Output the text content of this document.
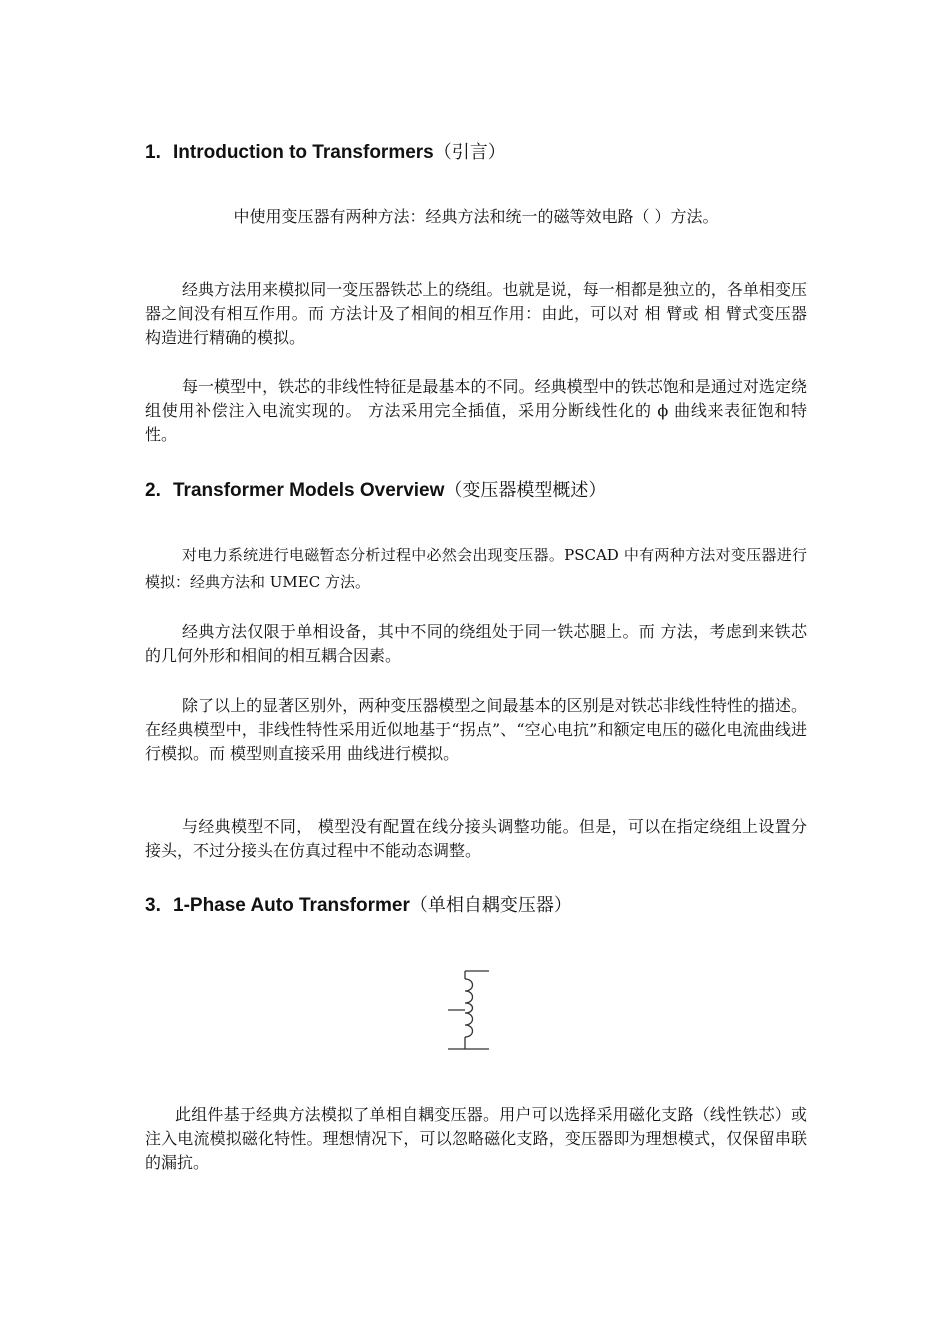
1. Introduction to Transformers（引言）

中使用变压器有两种方法：经典方法和统一的磁等效电路（ ）方法。

经典方法用来模拟同一变压器铁芯上的绕组。也就是说，每一相都是独立的，各单相变压器之间没有相互作用。而 方法计及了相间的相互作用：由此，可以对 相 臂或 相 臂式变压器构造进行精确的模拟。

每一模型中，铁芯的非线性特征是最基本的不同。经典模型中的铁芯饱和是通过对选定绕组使用补偿注入电流实现的。 方法采用完全插值，采用分断线性化的 ϕ 曲线来表征饱和特性。

2. Transformer Models Overview（变压器模型概述）

对电力系统进行电磁暂态分析过程中必然会出现变压器。PSCAD 中有两种方法对变压器进行模拟：经典方法和 UMEC 方法。

经典方法仅限于单相设备，其中不同的绕组处于同一铁芯腿上。而 方法，考虑到来铁芯的几何外形和相间的相互耦合因素。

除了以上的显著区别外，两种变压器模型之间最基本的区别是对铁芯非线性特性的描述。在经典模型中，非线性特性采用近似地基于“拐点”、“空心电抗”和额定电压的磁化电流曲线进行模拟。而 模型则直接采用 曲线进行模拟。

与经典模型不同， 模型没有配置在线分接头调整功能。但是，可以在指定绕组上设置分接头，不过分接头在仿真过程中不能动态调整。

3. 1-Phase Auto Transformer（单相自耦变压器）

此组件基于经典方法模拟了单相自耦变压器。用户可以选择采用磁化支路（线性铁芯）或注入电流模拟磁化特性。理想情况下，可以忽略磁化支路，变压器即为理想模式，仅保留串联的漏抗。
